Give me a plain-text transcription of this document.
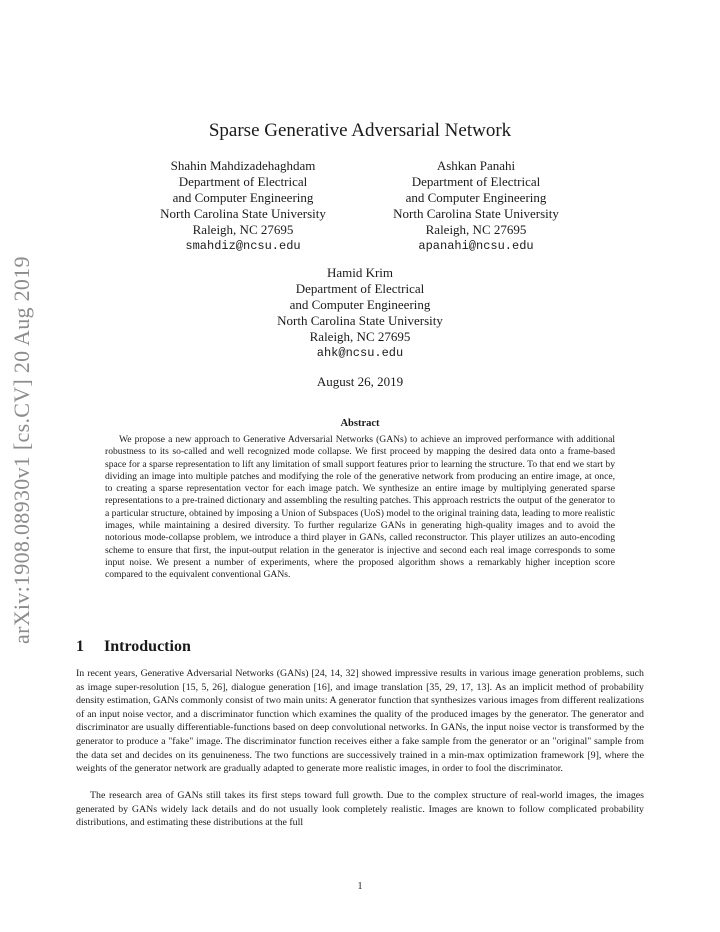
arXiv:1908.08930v1 [cs.CV] 20 Aug 2019
Sparse Generative Adversarial Network
Shahin Mahdizadehaghdam
Department of Electrical
and Computer Engineering
North Carolina State University
Raleigh, NC 27695
smahdiz@ncsu.edu
Ashkan Panahi
Department of Electrical
and Computer Engineering
North Carolina State University
Raleigh, NC 27695
apanahi@ncsu.edu
Hamid Krim
Department of Electrical
and Computer Engineering
North Carolina State University
Raleigh, NC 27695
ahk@ncsu.edu
August 26, 2019
Abstract
We propose a new approach to Generative Adversarial Networks (GANs) to achieve an improved performance with additional robustness to its so-called and well recognized mode collapse. We first proceed by mapping the desired data onto a frame-based space for a sparse representation to lift any limitation of small support features prior to learning the structure. To that end we start by dividing an image into multiple patches and modifying the role of the generative network from producing an entire image, at once, to creating a sparse representation vector for each image patch. We synthesize an entire image by multiplying generated sparse representations to a pre-trained dictionary and assembling the resulting patches. This approach restricts the output of the generator to a particular structure, obtained by imposing a Union of Subspaces (UoS) model to the original training data, leading to more realistic images, while maintaining a desired diversity. To further regularize GANs in generating high-quality images and to avoid the notorious mode-collapse problem, we introduce a third player in GANs, called reconstructor. This player utilizes an auto-encoding scheme to ensure that first, the input-output relation in the generator is injective and second each real image corresponds to some input noise. We present a number of experiments, where the proposed algorithm shows a remarkably higher inception score compared to the equivalent conventional GANs.
1 Introduction
In recent years, Generative Adversarial Networks (GANs) [24, 14, 32] showed impressive results in various image generation problems, such as image super-resolution [15, 5, 26], dialogue generation [16], and image translation [35, 29, 17, 13]. As an implicit method of probability density estimation, GANs commonly consist of two main units: A generator function that synthesizes various images from different realizations of an input noise vector, and a discriminator function which examines the quality of the produced images by the generator. The generator and discriminator are usually differentiable-functions based on deep convolutional networks. In GANs, the input noise vector is transformed by the generator to produce a "fake" image. The discriminator function receives either a fake sample from the generator or an "original" sample from the data set and decides on its genuineness. The two functions are successively trained in a min-max optimization framework [9], where the weights of the generator network are gradually adapted to generate more realistic images, in order to fool the discriminator.
The research area of GANs still takes its first steps toward full growth. Due to the complex structure of real-world images, the images generated by GANs widely lack details and do not usually look completely realistic. Images are known to follow complicated probability distributions, and estimating these distributions at the full
1
